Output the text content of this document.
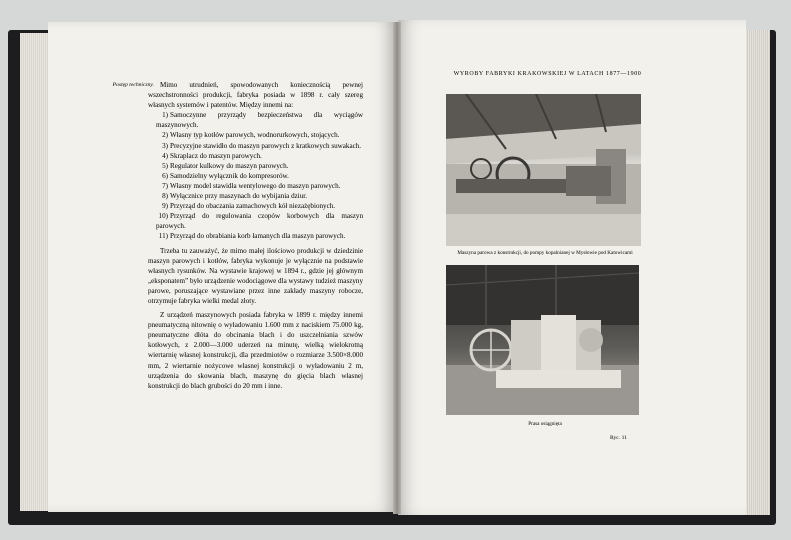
Postęp techniczny. Mimo utrudnień, spowodowanych koniecznością pewnej wszechstronności produkcji, fabryka posiada w 1898 r. cały szereg własnych systemów i patentów. Między innemi na:

1) Samoczynne przyrządy bezpieczeństwa dla wyciągów maszynowych.

2) Własny typ kotłów parowych, wodnorurkowych, stojących.

3) Precyzyjne stawidło do maszyn parowych z kratkowych suwakach.

4) Skraplacz do maszyn parowych.

5) Regulator kulkowy do maszyn parowych.

6) Samodzielny wyłącznik do kompresorów.

7) Własny model stawidła wentylowego do maszyn parowych.

8) Wyłącznice przy maszynach do wybijania dziur.

9) Przyrząd do obaczania zamachowych kół niezażębionych.

10) Przyrząd do regulowania czopów korbowych dla maszyn parowych.

11) Przyrząd do obrabiania korb łamanych dla maszyn parowych.

Trzeba tu zauważyć, że mimo małej ilościowo produkcji w dziedzinie maszyn parowych i kotłów, fabryka wykonuje je wyłącznie na podstawie własnych rysunków. Na wystawie krajowej w 1894 r., gdzie jej głównym „eksponatem” było urządzenie wodociągowe dla wystawy tudzież maszyny parowe, poruszające wystawiane przez inne zakłady maszyny robocze, otrzymuje fabryka wielki medal złoty.

Z urządzeń maszynowych posiada fabryka w 1899 r. między innemi pneumatyczną nitownię o wyładowaniu 1.600 mm z naciskiem 75.000 kg, pneumatyczne dłóta do obcinania blach i do uszczelniania szwów kotłowych, z 2.000—3.000 uderzeń na minutę, wielką wielokrotną wiertarnię własnej konstrukcji, dla przedmiotów o rozmiarze 3.500×8.000 mm, 2 wiertarnie nożycowe własnej konstrukcji o wyładowaniu 2 m, urządzenia do skowania blach, maszynę do gięcia blach własnej konstrukcji do blach grubości do 20 mm i inne.

WYROBY FABRYKI KRAKOWSKIEJ W LATACH 1877—1900
Maszyna parowa z konstrukcji, do pompy kopalnianej w Mysłowie pod Katowicami
Prasa osiągnięta
Ryc. 11
